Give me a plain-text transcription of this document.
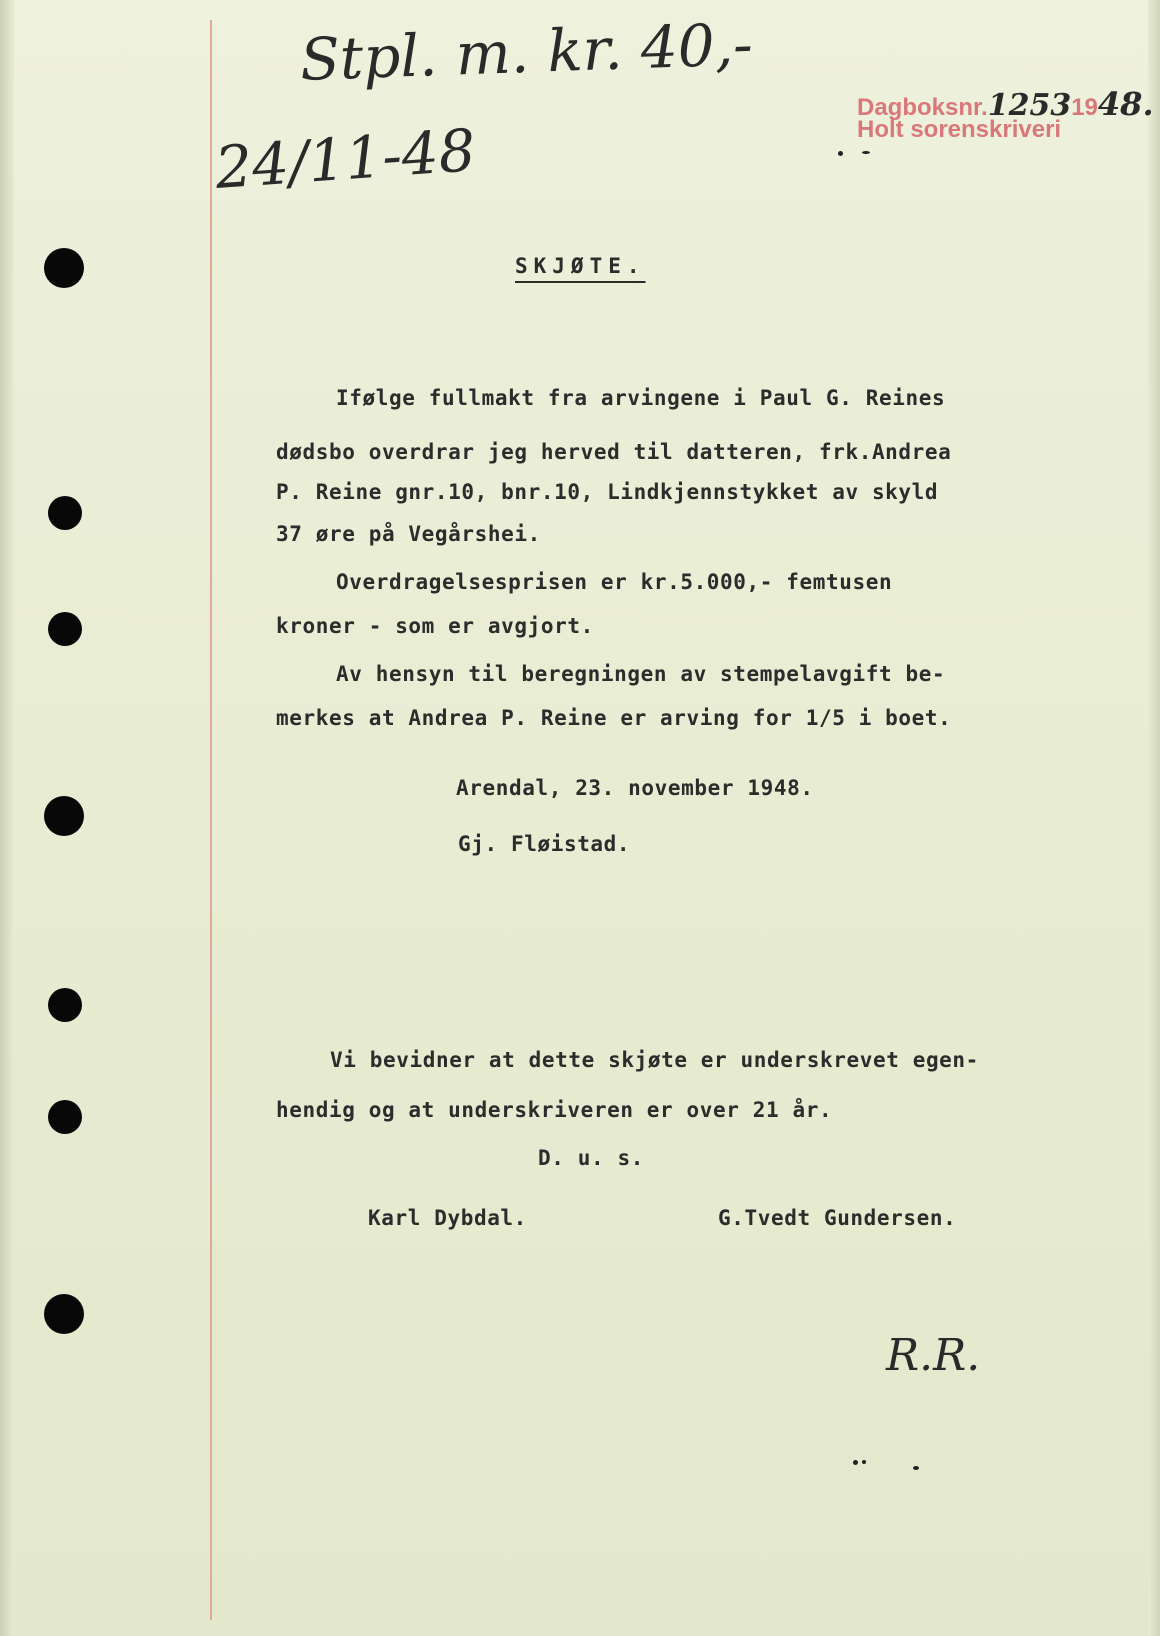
Stpl. m. kr. 40,-
24/11-48
Dagboksnr.12531948.
Holt sorenskriveri
SKJØTE.
Ifølge fullmakt fra arvingene i Paul G. Reines
dødsbo overdrar jeg herved til datteren, frk.Andrea
P. Reine gnr.10, bnr.10, Lindkjennstykket av skyld
37 øre på Vegårshei.
Overdragelsesprisen er kr.5.000,- femtusen
kroner - som er avgjort.
Av hensyn til beregningen av stempelavgift be-
merkes at Andrea P. Reine er arving for 1/5 i boet.
Arendal, 23. november 1948.
Gj. Fløistad.
Vi bevidner at dette skjøte er underskrevet egen-
hendig og at underskriveren er over 21 år.
D. u. s.
Karl Dybdal.	G.Tvedt Gundersen.
R.R.
